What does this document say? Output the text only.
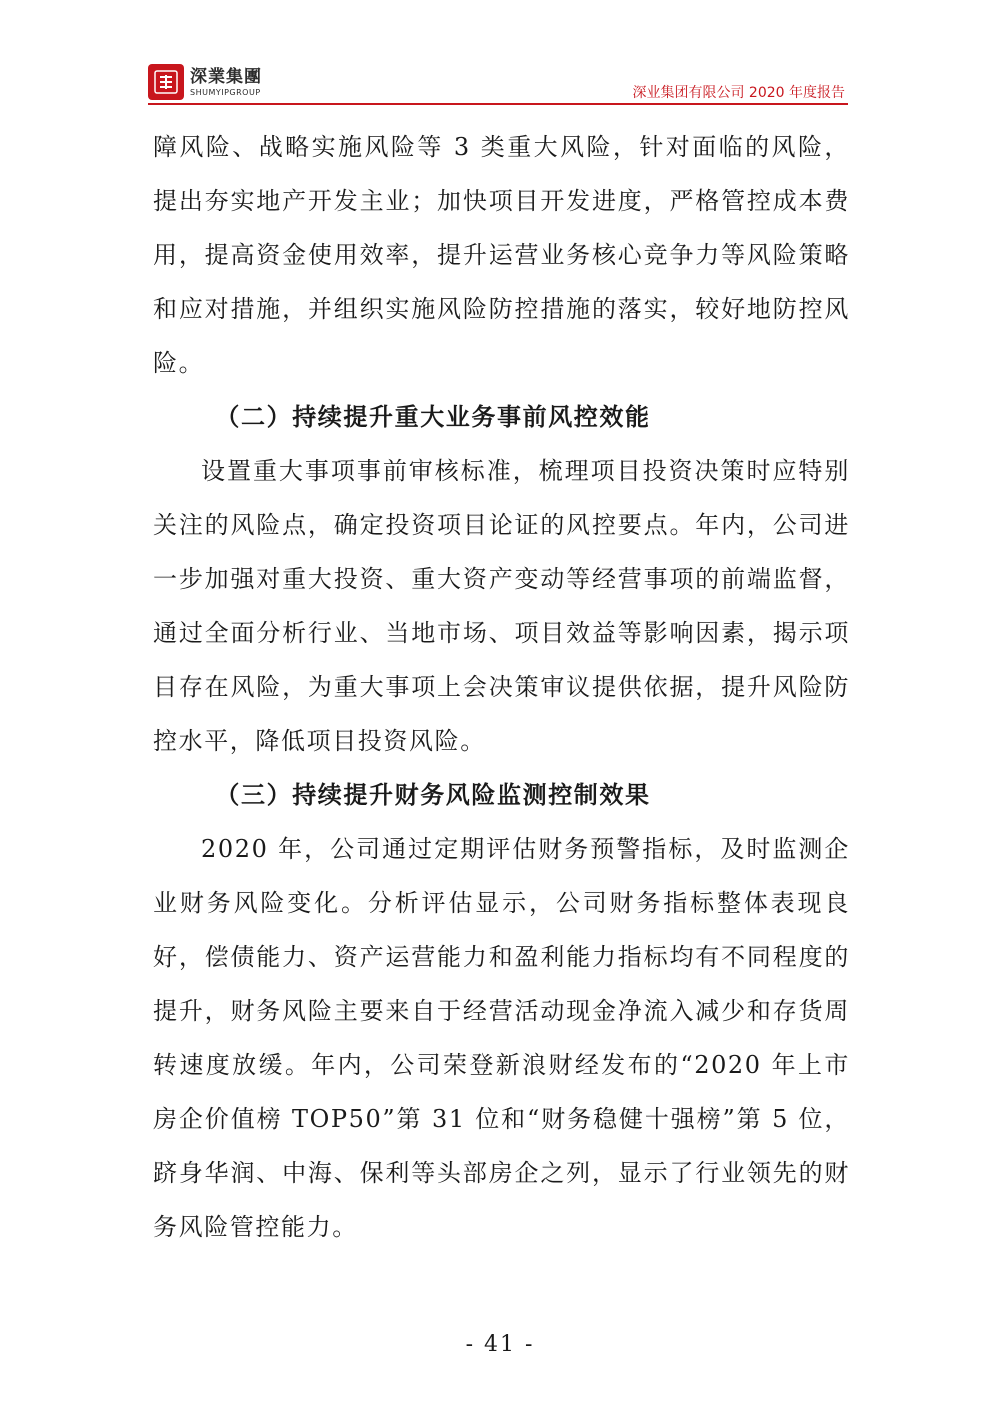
深業集團
SHUMYIPGROUP	深业集团有限公司 2020 年度报告

障风险、战略实施风险等 3 类重大风险，针对面临的风险，提出夯实地产开发主业；加快项目开发进度，严格管控成本费用，提高资金使用效率，提升运营业务核心竞争力等风险策略和应对措施，并组织实施风险防控措施的落实，较好地防控风险。

（二）持续提升重大业务事前风控效能

设置重大事项事前审核标准，梳理项目投资决策时应特别关注的风险点，确定投资项目论证的风控要点。年内，公司进一步加强对重大投资、重大资产变动等经营事项的前端监督，通过全面分析行业、当地市场、项目效益等影响因素，揭示项目存在风险，为重大事项上会决策审议提供依据，提升风险防控水平，降低项目投资风险。

（三）持续提升财务风险监测控制效果

2020 年，公司通过定期评估财务预警指标，及时监测企业财务风险变化。分析评估显示，公司财务指标整体表现良好，偿债能力、资产运营能力和盈利能力指标均有不同程度的提升，财务风险主要来自于经营活动现金净流入减少和存货周转速度放缓。年内，公司荣登新浪财经发布的“2020 年上市房企价值榜 TOP50”第 31 位和“财务稳健十强榜”第 5 位，跻身华润、中海、保利等头部房企之列，显示了行业领先的财务风险管控能力。

- 41 -
